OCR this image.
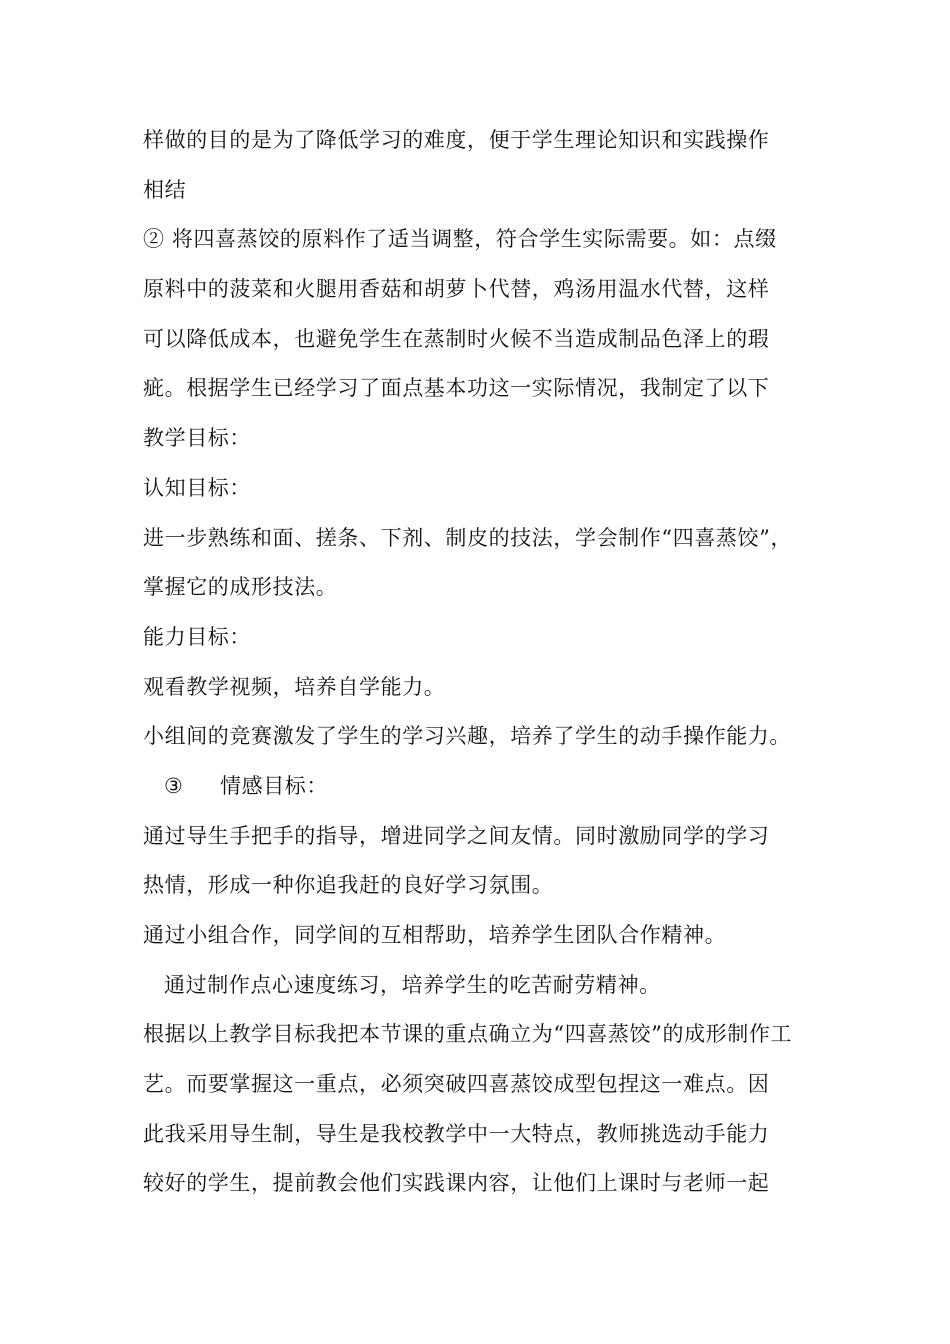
样做的目的是为了降低学习的难度，便于学生理论知识和实践操作
相结
② 将四喜蒸饺的原料作了适当调整，符合学生实际需要。如：点缀
原料中的菠菜和火腿用香菇和胡萝卜代替，鸡汤用温水代替，这样
可以降低成本，也避免学生在蒸制时火候不当造成制品色泽上的瑕
疵。根据学生已经学习了面点基本功这一实际情况，我制定了以下
教学目标：
认知目标：
进一步熟练和面、搓条、下剂、制皮的技法，学会制作“四喜蒸饺”，
掌握它的成形技法。
能力目标：
观看教学视频，培养自学能力。
小组间的竞赛激发了学生的学习兴趣，培养了学生的动手操作能力。
③ 情感目标：
通过导生手把手的指导，增进同学之间友情。同时激励同学的学习
热情，形成一种你追我赶的良好学习氛围。
通过小组合作，同学间的互相帮助，培养学生团队合作精神。
通过制作点心速度练习，培养学生的吃苦耐劳精神。
根据以上教学目标我把本节课的重点确立为“四喜蒸饺”的成形制作工
艺。而要掌握这一重点，必须突破四喜蒸饺成型包捏这一难点。因
此我采用导生制，导生是我校教学中一大特点，教师挑选动手能力
较好的学生，提前教会他们实践课内容，让他们上课时与老师一起
